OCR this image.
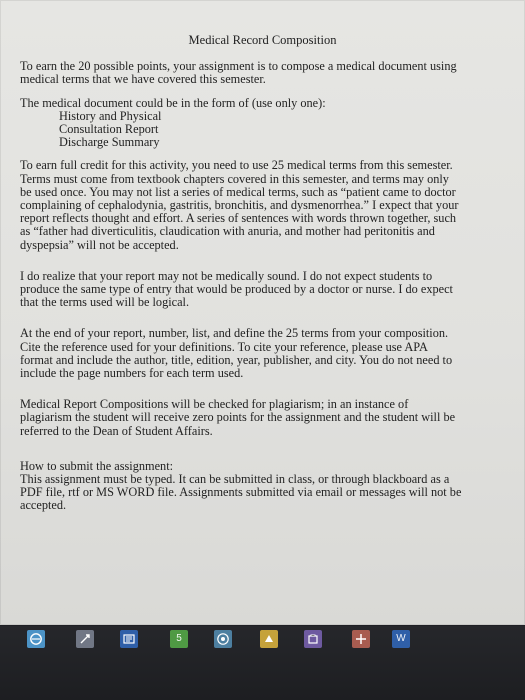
Medical Record Composition
To earn the 20 possible points, your assignment is to compose a medical document using
medical terms that we have covered this semester.
The medical document could be in the form of (use only one):
History and Physical
Consultation Report
Discharge Summary
To earn full credit for this activity, you need to use 25 medical terms from this semester.
Terms must come from textbook chapters covered in this semester, and terms may only
be used once. You may not list a series of medical terms, such as “patient came to doctor
complaining of cephalodynia, gastritis, bronchitis, and dysmenorrhea.” I expect that your
report reflects thought and effort. A series of sentences with words thrown together, such
as “father had diverticulitis, claudication with anuria, and mother had peritonitis and
dyspepsia” will not be accepted.
I do realize that your report may not be medically sound. I do not expect students to
produce the same type of entry that would be produced by a doctor or nurse. I do expect
that the terms used will be logical.
At the end of your report, number, list, and define the 25 terms from your composition.
Cite the reference used for your definitions. To cite your reference, please use APA
format and include the author, title, edition, year, publisher, and city. You do not need to
include the page numbers for each term used.
Medical Report Compositions will be checked for plagiarism; in an instance of
plagiarism the student will receive zero points for the assignment and the student will be
referred to the Dean of Student Affairs.
How to submit the assignment:
This assignment must be typed. It can be submitted in class, or through blackboard as a
PDF file, rtf or MS WORD file. Assignments submitted via email or messages will not be
accepted.
5	W
